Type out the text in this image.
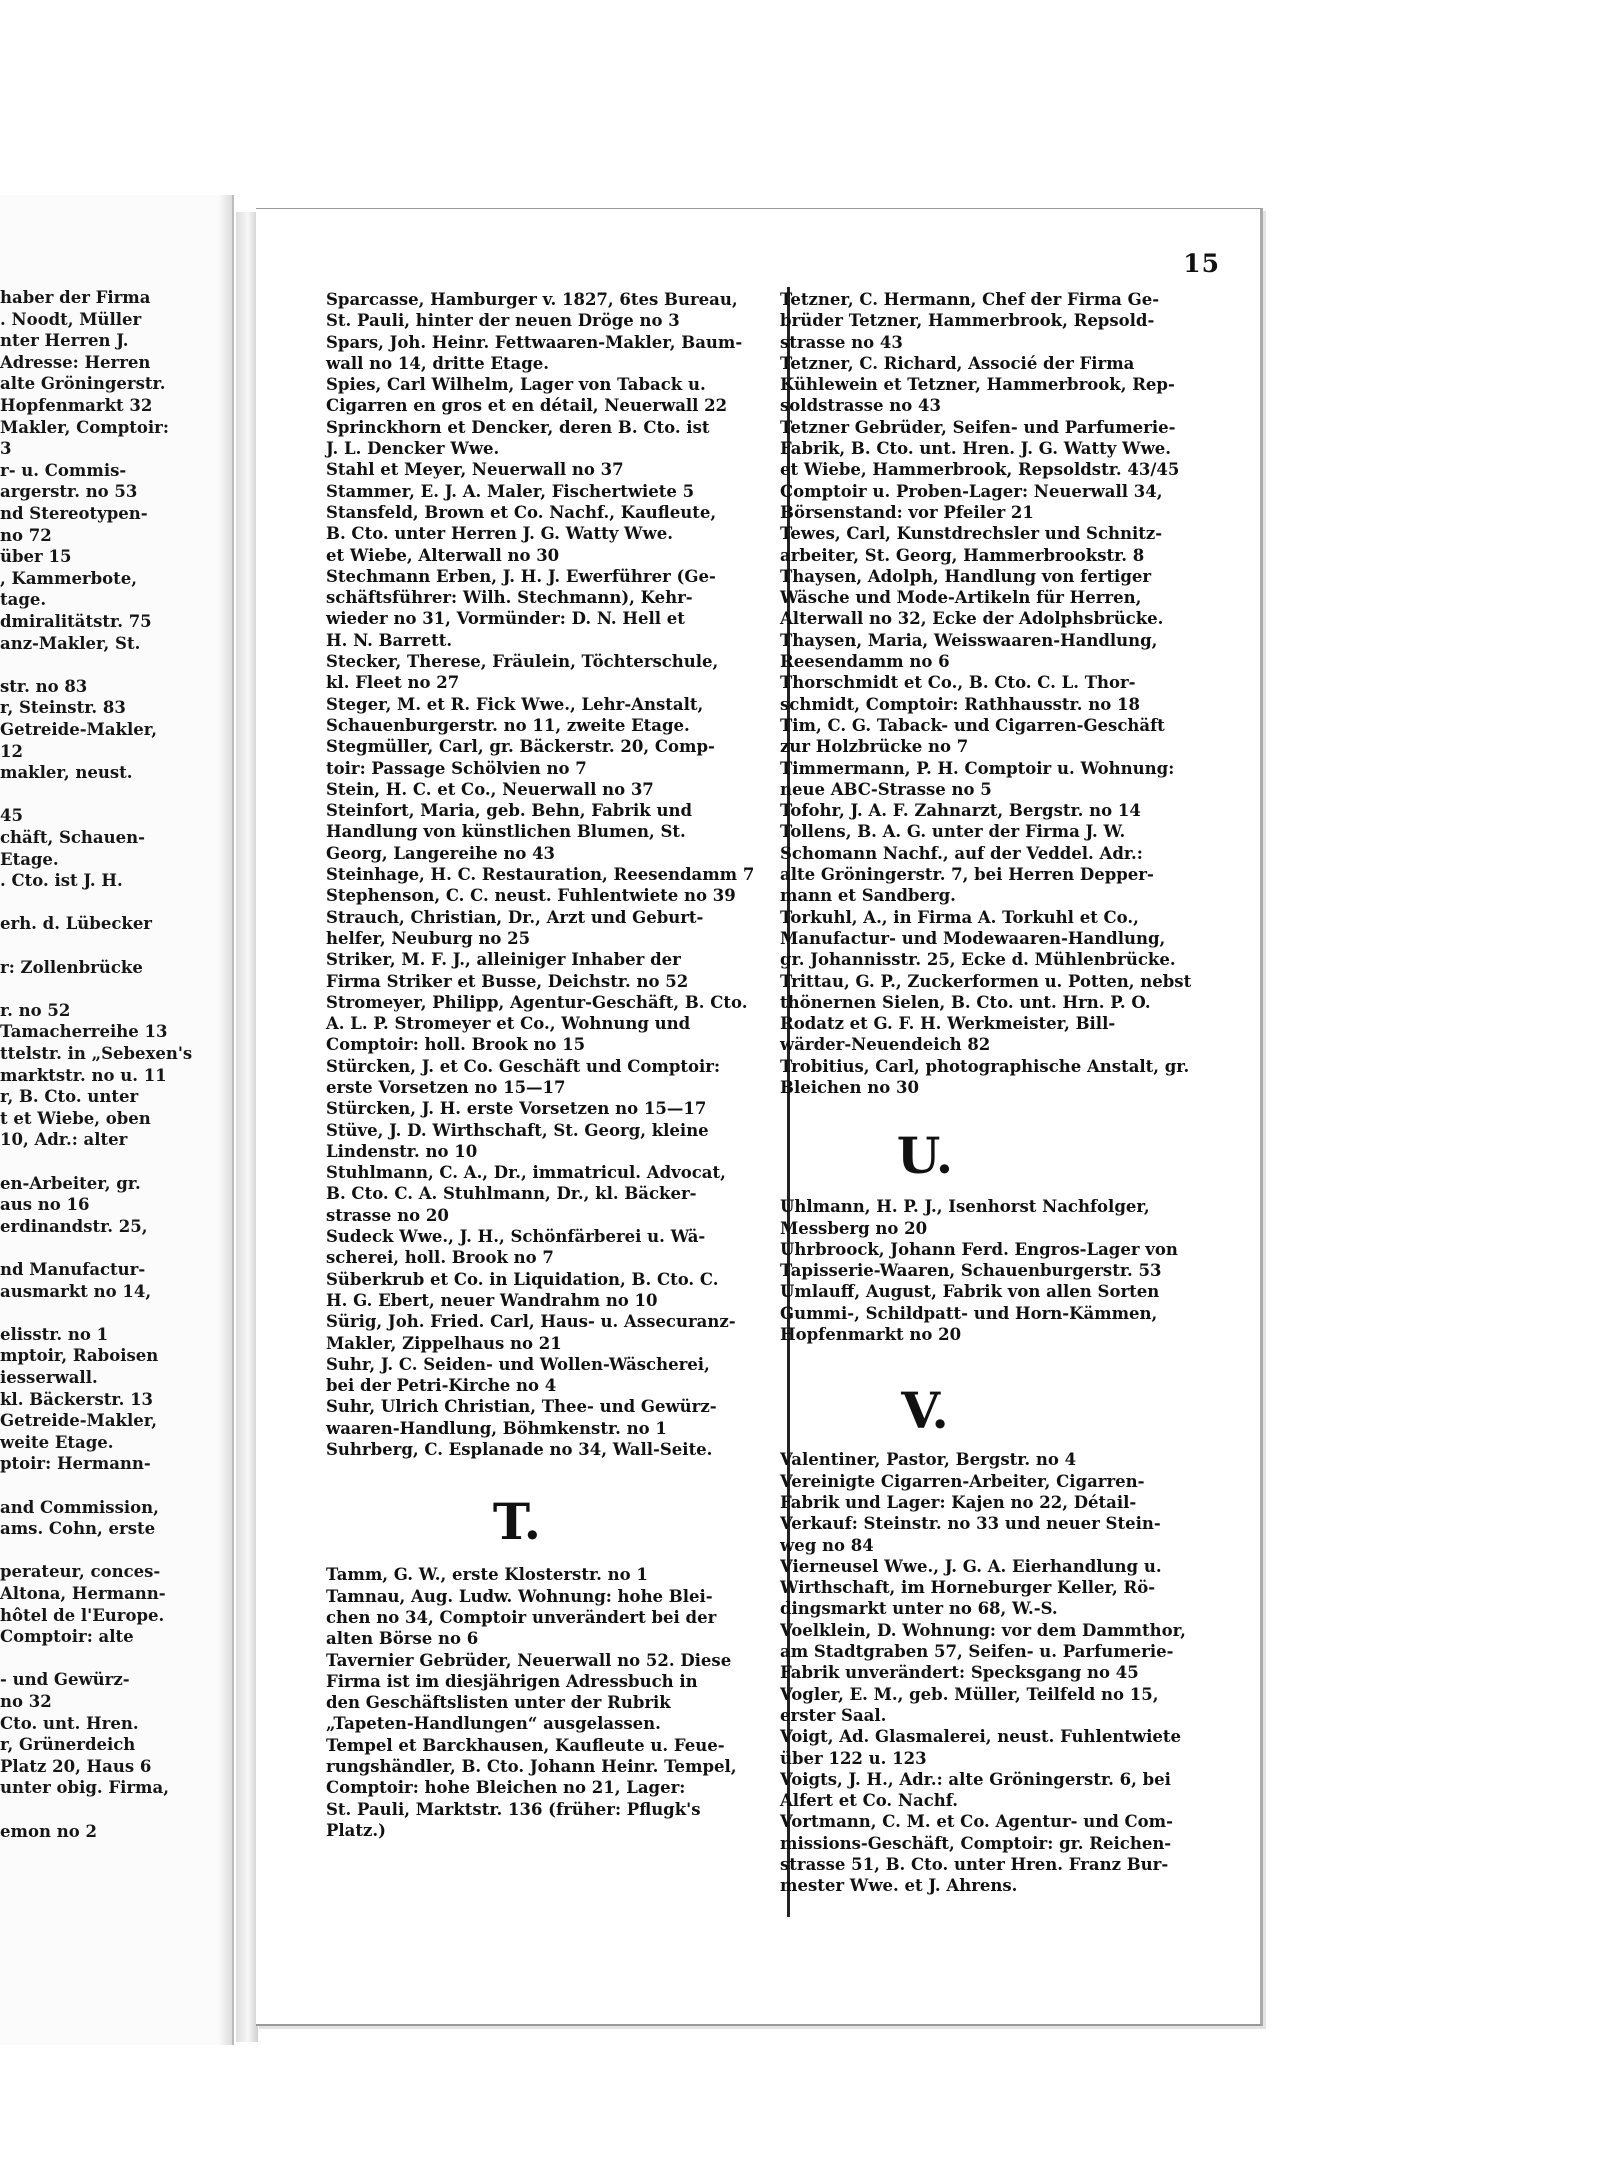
haber der Firma
. Noodt, Müller
nter Herren J.
Adresse: Herren
alte Gröningerstr.
Hopfenmarkt 32
Makler, Comptoir:
3
r- u. Commis-
argerstr. no 53
nd Stereotypen-
no 72
über 15
, Kammerbote,
tage.
dmiralitätstr. 75
anz-Makler, St.
str. no 83
r, Steinstr. 83
Getreide-Makler,
12
makler, neust.
45
chäft, Schauen-
Etage.
. Cto. ist J. H.
erh. d. Lübecker
r: Zollenbrücke
r. no 52
Tamacherreihe 13
ttelstr. in „Sebexen's
marktstr. no u. 11
r, B. Cto. unter
t et Wiebe, oben
10, Adr.: alter
en-Arbeiter, gr.
aus no 16
erdinandstr. 25,
nd Manufactur-
ausmarkt no 14,
elisstr. no 1
mptoir, Raboisen
iesserwall.
kl. Bäckerstr. 13
Getreide-Makler,
weite Etage.
ptoir: Hermann-
and Commission,
ams. Cohn, erste
perateur, conces-
Altona, Hermann-
hôtel de l'Europe.
Comptoir: alte
- und Gewürz-
no 32
Cto. unt. Hren.
r, Grünerdeich
Platz 20, Haus 6
unter obig. Firma,
emon no 2
15
Sparcasse, Hamburger v. 1827, 6tes Bureau,
St. Pauli, hinter der neuen Dröge no 3
Spars, Joh. Heinr. Fettwaaren-Makler, Baum-
wall no 14, dritte Etage.
Spies, Carl Wilhelm, Lager von Taback u.
Cigarren en gros et en détail, Neuerwall 22
Sprinckhorn et Dencker, deren B. Cto. ist
J. L. Dencker Wwe.
Stahl et Meyer, Neuerwall no 37
Stammer, E. J. A. Maler, Fischertwiete 5
Stansfeld, Brown et Co. Nachf., Kaufleute,
B. Cto. unter Herren J. G. Watty Wwe.
et Wiebe, Alterwall no 30
Stechmann Erben, J. H. J. Ewerführer (Ge-
schäftsführer: Wilh. Stechmann), Kehr-
wieder no 31, Vormünder: D. N. Hell et
H. N. Barrett.
Stecker, Therese, Fräulein, Töchterschule,
kl. Fleet no 27
Steger, M. et R. Fick Wwe., Lehr-Anstalt,
Schauenburgerstr. no 11, zweite Etage.
Stegmüller, Carl, gr. Bäckerstr. 20, Comp-
toir: Passage Schölvien no 7
Stein, H. C. et Co., Neuerwall no 37
Steinfort, Maria, geb. Behn, Fabrik und
Handlung von künstlichen Blumen, St.
Georg, Langereihe no 43
Steinhage, H. C. Restauration, Reesendamm 7
Stephenson, C. C. neust. Fuhlentwiete no 39
Strauch, Christian, Dr., Arzt und Geburt-
helfer, Neuburg no 25
Striker, M. F. J., alleiniger Inhaber der
Firma Striker et Busse, Deichstr. no 52
Stromeyer, Philipp, Agentur-Geschäft, B. Cto.
A. L. P. Stromeyer et Co., Wohnung und
Comptoir: holl. Brook no 15
Stürcken, J. et Co. Geschäft und Comptoir:
erste Vorsetzen no 15—17
Stürcken, J. H. erste Vorsetzen no 15—17
Stüve, J. D. Wirthschaft, St. Georg, kleine
Lindenstr. no 10
Stuhlmann, C. A., Dr., immatricul. Advocat,
B. Cto. C. A. Stuhlmann, Dr., kl. Bäcker-
strasse no 20
Sudeck Wwe., J. H., Schönfärberei u. Wä-
scherei, holl. Brook no 7
Süberkrub et Co. in Liquidation, B. Cto. C.
H. G. Ebert, neuer Wandrahm no 10
Sürig, Joh. Fried. Carl, Haus- u. Assecuranz-
Makler, Zippelhaus no 21
Suhr, J. C. Seiden- und Wollen-Wäscherei,
bei der Petri-Kirche no 4
Suhr, Ulrich Christian, Thee- und Gewürz-
waaren-Handlung, Böhmkenstr. no 1
Suhrberg, C. Esplanade no 34, Wall-Seite.
T.
Tamm, G. W., erste Klosterstr. no 1
Tamnau, Aug. Ludw. Wohnung: hohe Blei-
chen no 34, Comptoir unverändert bei der
alten Börse no 6
Tavernier Gebrüder, Neuerwall no 52. Diese
Firma ist im diesjährigen Adressbuch in
den Geschäftslisten unter der Rubrik
„Tapeten-Handlungen“ ausgelassen.
Tempel et Barckhausen, Kaufleute u. Feue-
rungshändler, B. Cto. Johann Heinr. Tempel,
Comptoir: hohe Bleichen no 21, Lager:
St. Pauli, Marktstr. 136 (früher: Pflugk's
Platz.)
Tetzner, C. Hermann, Chef der Firma Ge-
brüder Tetzner, Hammerbrook, Repsold-
strasse no 43
Tetzner, C. Richard, Associé der Firma
Kühlewein et Tetzner, Hammerbrook, Rep-
soldstrasse no 43
Tetzner Gebrüder, Seifen- und Parfumerie-
Fabrik, B. Cto. unt. Hren. J. G. Watty Wwe.
et Wiebe, Hammerbrook, Repsoldstr. 43/45
Comptoir u. Proben-Lager: Neuerwall 34,
Börsenstand: vor Pfeiler 21
Tewes, Carl, Kunstdrechsler und Schnitz-
arbeiter, St. Georg, Hammerbrookstr. 8
Thaysen, Adolph, Handlung von fertiger
Wäsche und Mode-Artikeln für Herren,
Alterwall no 32, Ecke der Adolphsbrücke.
Thaysen, Maria, Weisswaaren-Handlung,
Reesendamm no 6
Thorschmidt et Co., B. Cto. C. L. Thor-
schmidt, Comptoir: Rathhausstr. no 18
Tim, C. G. Taback- und Cigarren-Geschäft
zur Holzbrücke no 7
Timmermann, P. H. Comptoir u. Wohnung:
neue ABC-Strasse no 5
Tofohr, J. A. F. Zahnarzt, Bergstr. no 14
Tollens, B. A. G. unter der Firma J. W.
Schomann Nachf., auf der Veddel. Adr.:
alte Gröningerstr. 7, bei Herren Depper-
mann et Sandberg.
Torkuhl, A., in Firma A. Torkuhl et Co.,
Manufactur- und Modewaaren-Handlung,
gr. Johannisstr. 25, Ecke d. Mühlenbrücke.
Trittau, G. P., Zuckerformen u. Potten, nebst
thönernen Sielen, B. Cto. unt. Hrn. P. O.
Rodatz et G. F. H. Werkmeister, Bill-
wärder-Neuendeich 82
Trobitius, Carl, photographische Anstalt, gr.
Bleichen no 30
U.
Uhlmann, H. P. J., Isenhorst Nachfolger,
Messberg no 20
Uhrbroock, Johann Ferd. Engros-Lager von
Tapisserie-Waaren, Schauenburgerstr. 53
Umlauff, August, Fabrik von allen Sorten
Gummi-, Schildpatt- und Horn-Kämmen,
Hopfenmarkt no 20
V.
Valentiner, Pastor, Bergstr. no 4
Vereinigte Cigarren-Arbeiter, Cigarren-
Fabrik und Lager: Kajen no 22, Détail-
Verkauf: Steinstr. no 33 und neuer Stein-
weg no 84
Vierneusel Wwe., J. G. A. Eierhandlung u.
Wirthschaft, im Horneburger Keller, Rö-
dingsmarkt unter no 68, W.-S.
Voelklein, D. Wohnung: vor dem Dammthor,
am Stadtgraben 57, Seifen- u. Parfumerie-
Fabrik unverändert: Specksgang no 45
Vogler, E. M., geb. Müller, Teilfeld no 15,
erster Saal.
Voigt, Ad. Glasmalerei, neust. Fuhlentwiete
über 122 u. 123
Voigts, J. H., Adr.: alte Gröningerstr. 6, bei
Alfert et Co. Nachf.
Vortmann, C. M. et Co. Agentur- und Com-
missions-Geschäft, Comptoir: gr. Reichen-
strasse 51, B. Cto. unter Hren. Franz Bur-
mester Wwe. et J. Ahrens.
